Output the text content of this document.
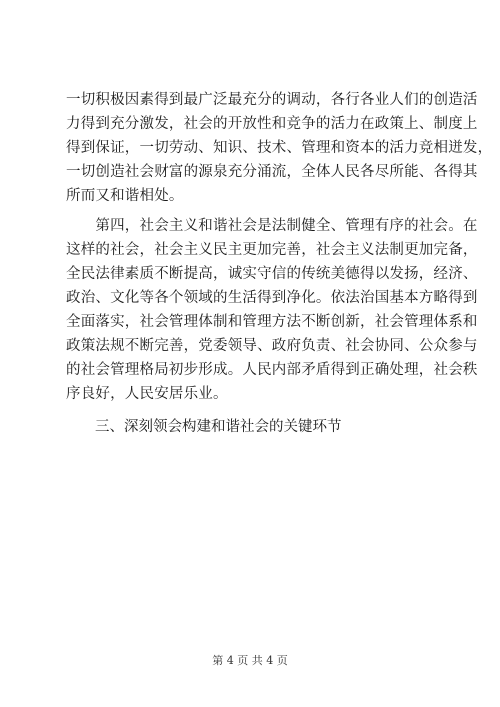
一切积极因素得到最广泛最充分的调动，各行各业人们的创造活
力得到充分激发，社会的开放性和竞争的活力在政策上、制度上
得到保证，一切劳动、知识、技术、管理和资本的活力竞相迸发，
一切创造社会财富的源泉充分涌流，全体人民各尽所能、各得其
所而又和谐相处。

　　第四，社会主义和谐社会是法制健全、管理有序的社会。在
这样的社会，社会主义民主更加完善，社会主义法制更加完备，
全民法律素质不断提高，诚实守信的传统美德得以发扬，经济、
政治、文化等各个领域的生活得到净化。依法治国基本方略得到
全面落实，社会管理体制和管理方法不断创新，社会管理体系和
政策法规不断完善，党委领导、政府负责、社会协同、公众参与
的社会管理格局初步形成。人民内部矛盾得到正确处理，社会秩
序良好，人民安居乐业。

　　三、深刻领会构建和谐社会的关键环节

第 4 页 共 4 页
